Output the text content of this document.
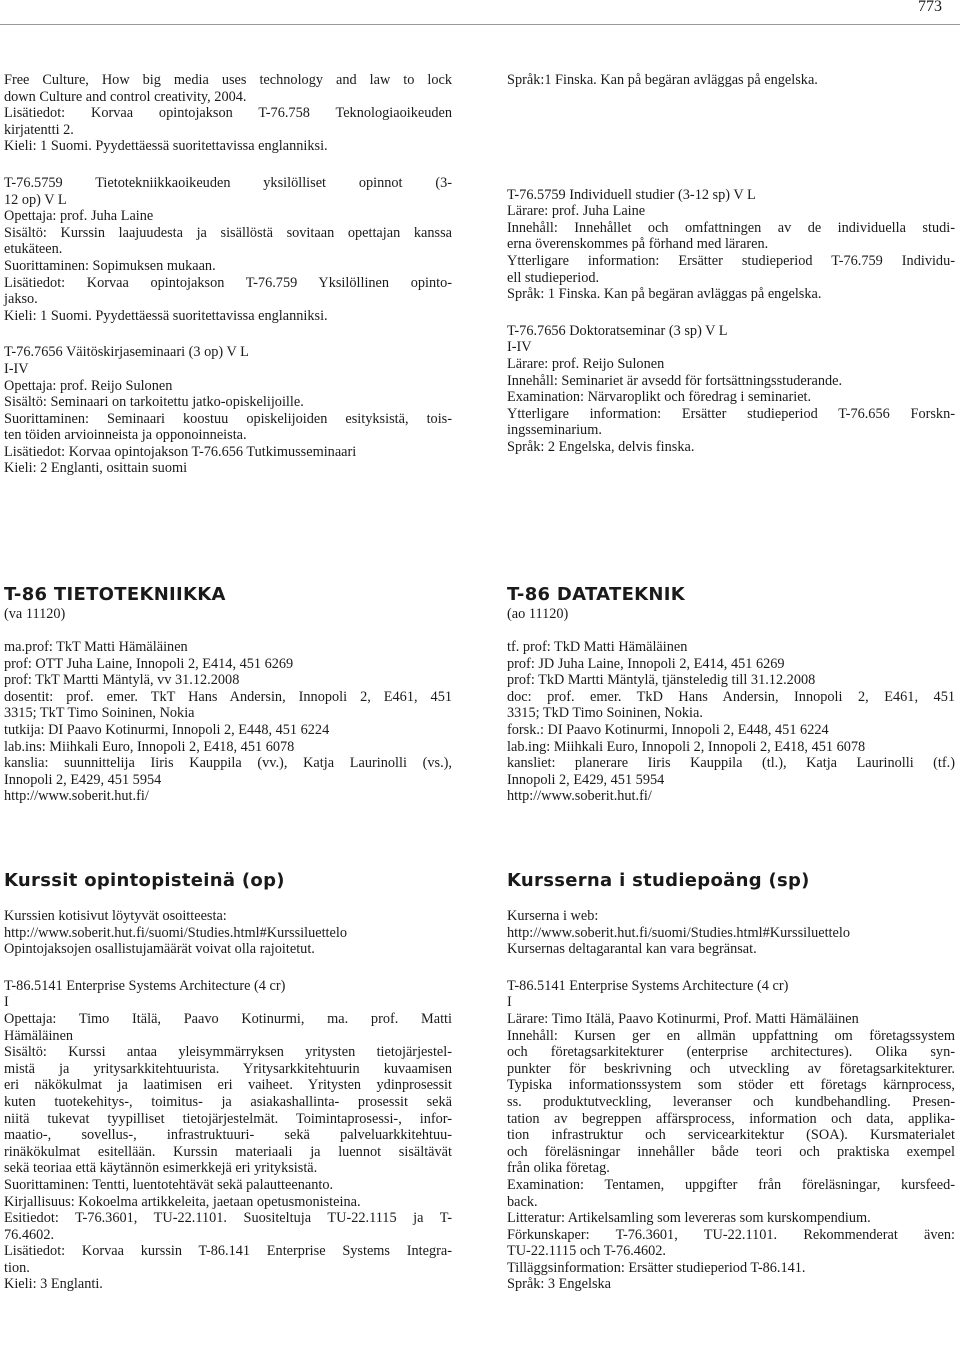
773
Free Culture, How big media uses technology and law to lock
down Culture and control creativity, 2004.
Lisätiedot: Korvaa opintojakson T-76.758 Teknologiaoikeuden
kirjatentti 2.
Kieli: 1 Suomi. Pyydettäessä suoritettavissa englanniksi.
T-76.5759 Tietotekniikkaoikeuden yksilölliset opinnot (3-
12 op) V L
Opettaja: prof. Juha Laine
Sisältö: Kurssin laajuudesta ja sisällöstä sovitaan opettajan kanssa
etukäteen.
Suorittaminen: Sopimuksen mukaan.
Lisätiedot: Korvaa opintojakson T-76.759 Yksilöllinen opinto-
jakso.
Kieli: 1 Suomi. Pyydettäessä suoritettavissa englanniksi.
T-76.7656 Väitöskirjaseminaari (3 op) V L
I-IV
Opettaja: prof. Reijo Sulonen
Sisältö: Seminaari on tarkoitettu jatko-opiskelijoille.
Suorittaminen: Seminaari koostuu opiskelijoiden esityksistä, tois-
ten töiden arvioinneista ja opponoinneista.
Lisätiedot: Korvaa opintojakson T-76.656 Tutkimusseminaari
Kieli: 2 Englanti, osittain suomi
Språk:1 Finska. Kan på begäran avläggas på engelska.
T-76.5759 Individuell studier (3-12 sp) V L
Lärare: prof. Juha Laine
Innehåll: Innehållet och omfattningen av de individuella studi-
erna överenskommes på förhand med läraren.
Ytterligare information: Ersätter studieperiod T-76.759 Individu-
ell studieperiod.
Språk: 1 Finska. Kan på begäran avläggas på engelska.
T-76.7656 Doktoratseminar (3 sp) V L
I-IV
Lärare: prof. Reijo Sulonen
Innehåll: Seminariet är avsedd för fortsättningsstuderande.
Examination: Närvaroplikt och föredrag i seminariet.
Ytterligare information: Ersätter studieperiod T-76.656 Forskn-
ingsseminarium.
Språk: 2 Engelska, delvis finska.
T-86 TIETOTEKNIIKKA
(va 11120)
ma.prof: TkT Matti Hämäläinen
prof: OTT Juha Laine, Innopoli 2, E414, 451 6269
prof: TkT Martti Mäntylä, vv 31.12.2008
dosentit: prof. emer. TkT Hans Andersin, Innopoli 2, E461, 451
3315; TkT Timo Soininen, Nokia
tutkija: DI Paavo Kotinurmi, Innopoli 2, E448, 451 6224
lab.ins: Miihkali Euro, Innopoli 2, E418, 451 6078
kanslia: suunnittelija Iiris Kauppila (vv.), Katja Laurinolli (vs.),
Innopoli 2, E429, 451 5954
http://www.soberit.hut.fi/
T-86 DATATEKNIK
(ao 11120)
tf. prof: TkD Matti Hämäläinen
prof: JD Juha Laine, Innopoli 2, E414, 451 6269
prof: TkD Martti Mäntylä, tjänsteledig till 31.12.2008
doc: prof. emer. TkD Hans Andersin, Innopoli 2, E461, 451
3315; TkD Timo Soininen, Nokia.
forsk.: DI Paavo Kotinurmi, Innopoli 2, E448, 451 6224
lab.ing: Miihkali Euro, Innopoli 2, Innopoli 2, E418, 451 6078
kansliet: planerare Iiris Kauppila (tl.), Katja Laurinolli (tf.)
Innopoli 2, E429, 451 5954
http://www.soberit.hut.fi/
Kurssit opintopisteinä (op)
Kurssien kotisivut löytyvät osoitteesta:
http://www.soberit.hut.fi/suomi/Studies.html#Kurssiluettelo
Opintojaksojen osallistujamäärät voivat olla rajoitetut.
T-86.5141 Enterprise Systems Architecture (4 cr)
I
Opettaja: Timo Itälä, Paavo Kotinurmi, ma. prof. Matti
Hämäläinen
Sisältö: Kurssi antaa yleisymmärryksen yritysten tietojärjestel-
mistä ja yritysarkkitehtuurista. Yritysarkkitehtuurin kuvaamisen
eri näkökulmat ja laatimisen eri vaiheet. Yritysten ydinprosessit
kuten tuotekehitys-, toimitus- ja asiakashallinta- prosessit sekä
niitä tukevat tyypilliset tietojärjestelmät. Toimintaprosessi-, infor-
maatio-, sovellus-, infrastruktuuri- sekä palveluarkkitehtuu-
rinäkökulmat esitellään. Kurssin materiaali ja luennot sisältävät
sekä teoriaa että käytännön esimerkkejä eri yrityksistä.
Suorittaminen: Tentti, luentotehtävät sekä palautteenanto.
Kirjallisuus: Kokoelma artikkeleita, jaetaan opetusmonisteina.
Esitiedot: T-76.3601, TU-22.1101. Suositeltuja TU-22.1115 ja T-
76.4602.
Lisätiedot: Korvaa kurssin T-86.141 Enterprise Systems Integra-
tion.
Kieli: 3 Englanti.
Kursserna i studiepoäng (sp)
Kurserna i web:
http://www.soberit.hut.fi/suomi/Studies.html#Kurssiluettelo
Kursernas deltagarantal kan vara begränsat.
T-86.5141 Enterprise Systems Architecture (4 cr)
I
Lärare: Timo Itälä, Paavo Kotinurmi, Prof. Matti Hämäläinen
Innehåll: Kursen ger en allmän uppfattning om företagssystem
och företagsarkitekturer (enterprise architectures). Olika syn-
punkter för beskrivning och utveckling av företagsarkitekturer.
Typiska informationssystem som stöder ett företags kärnprocess,
ss. produktutveckling, leveranser och kundbehandling. Presen-
tation av begreppen affärsprocess, information och data, applika-
tion infrastruktur och servicearkitektur (SOA). Kursmaterialet
och föreläsningar innehåller både teori och praktiska exempel
från olika företag.
Examination: Tentamen, uppgifter från föreläsningar, kursfeed-
back.
Litteratur: Artikelsamling som levereras som kurskompendium.
Förkunskaper: T-76.3601, TU-22.1101. Rekommenderat även:
TU-22.1115 och T-76.4602.
Tilläggsinformation: Ersätter studieperiod T-86.141.
Språk: 3 Engelska
